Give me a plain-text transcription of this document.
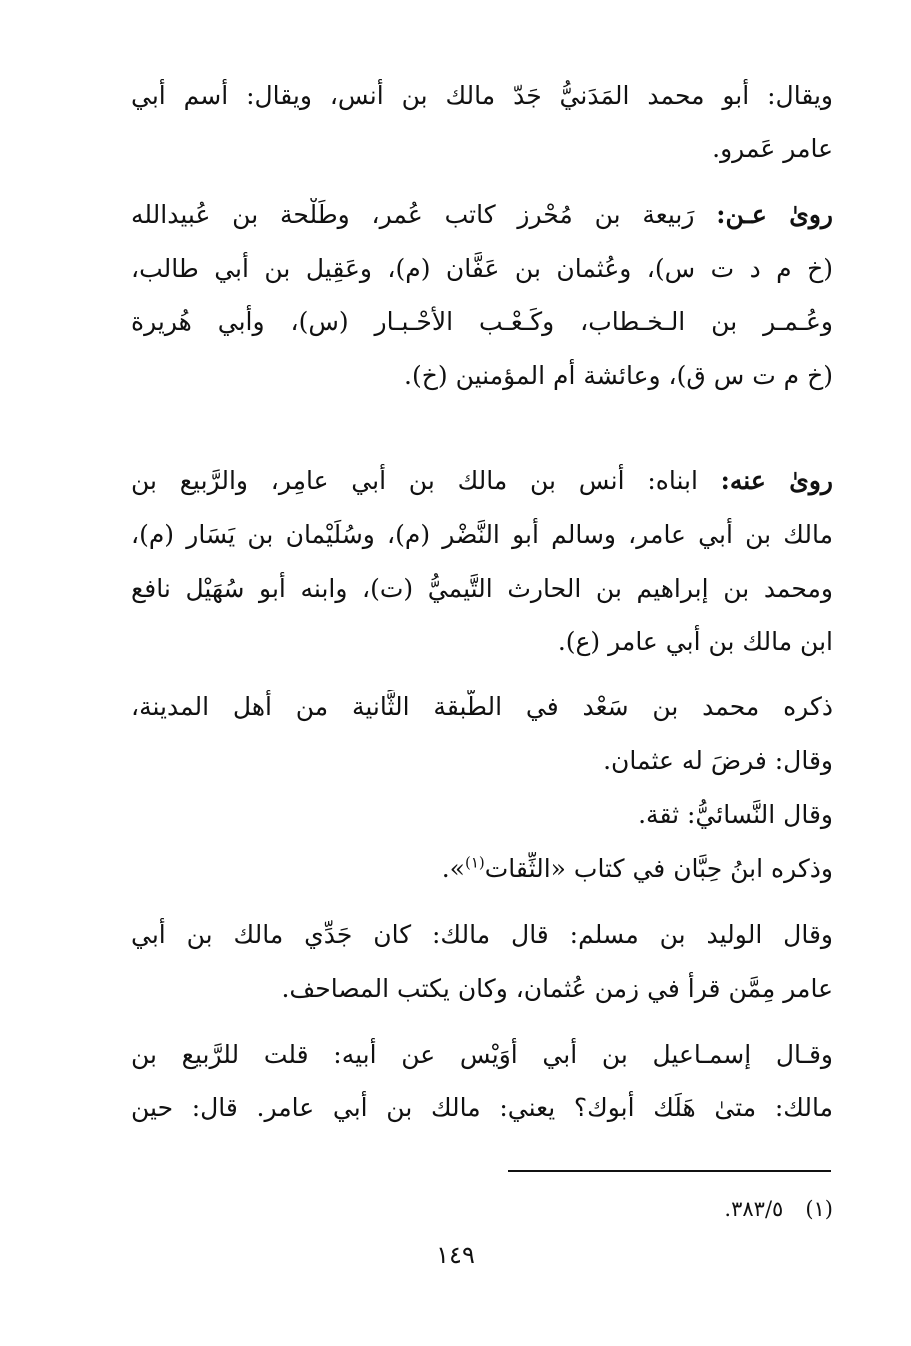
ويقال: أبو محمد المَدَنيُّ جَدّ مالك بن أنس، ويقال: أسم أبي
عامر عَمرو.
روىٰ عـن: رَبيعة بن مُحْرز كاتب عُمر، وطَلْحة بن عُبيدالله
(خ م د ت س)، وعُثمان بن عَفَّان (م)، وعَقِيل بن أبي طالب،
وعُـمـر بن الـخـطاب، وكَـعْـب الأحْـبـار (س)، وأبي هُريرة
(خ م ت س ق)، وعائشة أم المؤمنين (خ).
روىٰ عنه: ابناه: أنس بن مالك بن أبي عامِر، والرَّبيع بن
مالك بن أبي عامر، وسالم أبو النَّضْر (م)، وسُلَيْمان بن يَسَار (م)،
ومحمد بن إبراهيم بن الحارث التَّيميُّ (ت)، وابنه أبو سُهَيْل نافع
ابن مالك بن أبي عامر (ع).
ذكره محمد بن سَعْد في الطَّبقة الثَّانية من أهل المدينة،
وقال: فرضَ له عثمان.
وقال النَّسائيُّ: ثقة.
وذكره ابنُ حِبَّان في كتاب «الثِّقات$^{(١)}$».
وقال الوليد بن مسلم: قال مالك: كان جَدِّي مالك بن أبي
عامر مِمَّن قرأ في زمن عُثمان، وكان يكتب المصاحف.
وقـال إسمـاعيل بن أبي أُوَيْس عن أبيه: قلت للرَّبيع بن
مالك: متىٰ هَلَك أبوك؟ يعني: مالك بن أبي عامر. قال: حين
(١)٣٨٣/٥.
١٤٩
